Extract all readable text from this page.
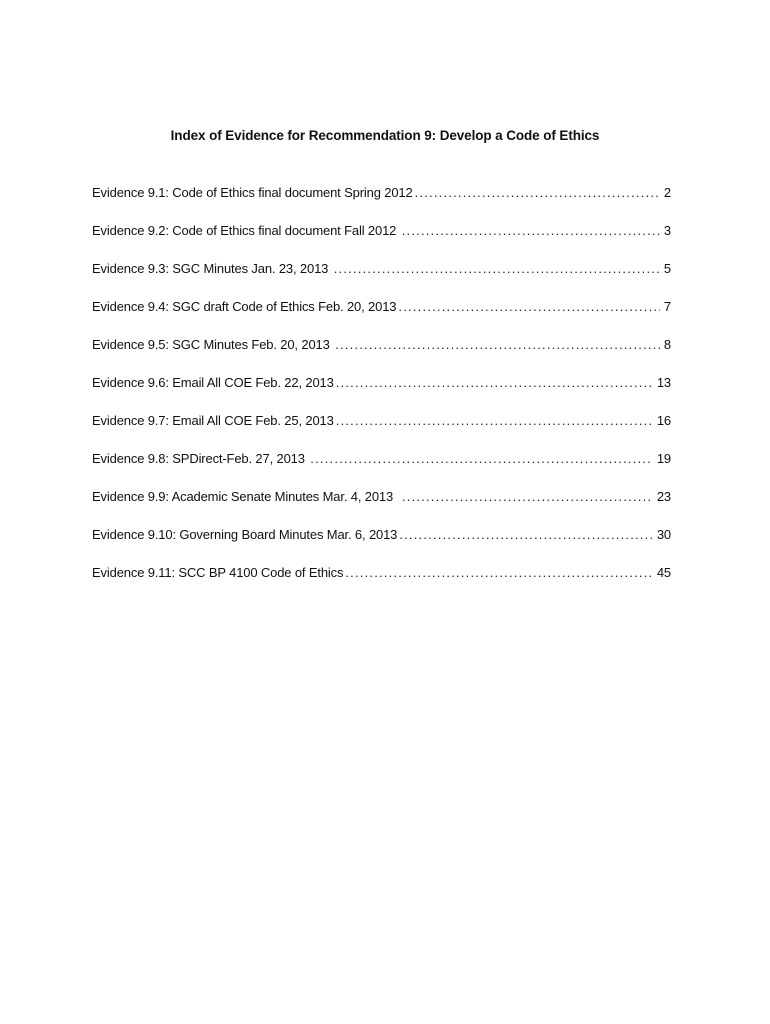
Index of Evidence for Recommendation 9: Develop a Code of Ethics
Evidence 9.1: Code of Ethics final document Spring 2012 .....	2
Evidence 9.2: Code of Ethics final document Fall 2012 .....	3
Evidence 9.3: SGC Minutes Jan. 23, 2013 .....	5
Evidence 9.4: SGC draft Code of Ethics Feb. 20, 2013 .....	7
Evidence 9.5: SGC Minutes Feb. 20, 2013 .....	8
Evidence 9.6: Email All COE Feb. 22, 2013 .....	13
Evidence 9.7: Email All COE Feb. 25, 2013 .....	16
Evidence 9.8: SPDirect-Feb. 27, 2013 .....	19
Evidence 9.9: Academic Senate Minutes Mar. 4, 2013 .....	23
Evidence 9.10: Governing Board Minutes Mar. 6, 2013 .....	30
Evidence 9.11: SCC BP 4100 Code of Ethics .....	45
